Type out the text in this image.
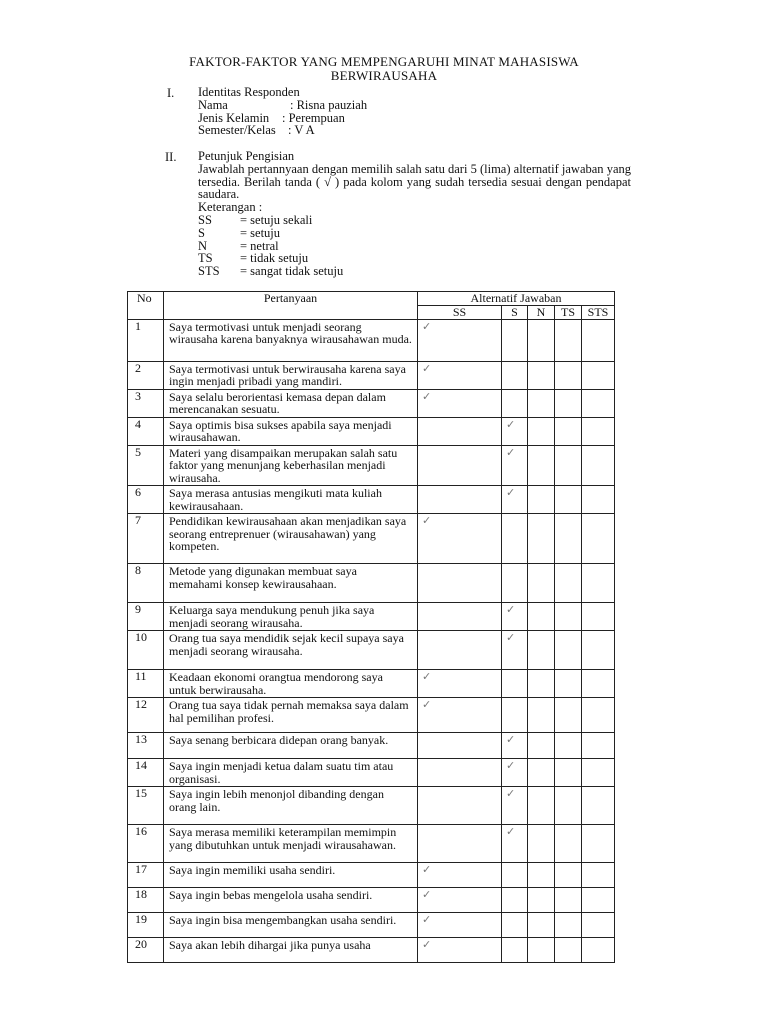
FAKTOR-FAKTOR YANG MEMPENGARUHI MINAT MAHASISWA
BERWIRAUSAHA
I. Identitas Responden
Nama	: Risna pauziah
Jenis Kelamin	: Perempuan
Semester/Kelas : V A
II. Petunjuk Pengisian
Jawablah pertannyaan dengan memilih salah satu dari 5 (lima) alternatif jawaban yang tersedia. Berilah tanda ( √ ) pada kolom yang sudah tersedia sesuai dengan pendapat saudara.
Keterangan :
SS	= setuju sekali
S	= setuju
N	= netral
TS	= tidak setuju
STS	= sangat tidak setuju
No	Pertanyaan	Alternatif Jawaban				
		SS	S	N	TS	STS
1	Saya termotivasi untuk menjadi seorang wirausaha karena banyaknya wirausahawan muda.	✓				
2	Saya termotivasi untuk berwirausaha karena saya ingin menjadi pribadi yang mandiri.	✓				
3	Saya selalu berorientasi kemasa depan dalam merencanakan sesuatu.	✓				
4	Saya optimis bisa sukses apabila saya menjadi wirausahawan.		✓			
5	Materi yang disampaikan merupakan salah satu faktor yang menunjang keberhasilan menjadi wirausaha.		✓			
6	Saya merasa antusias mengikuti mata kuliah kewirausahaan.		✓			
7	Pendidikan kewirausahaan akan menjadikan saya seorang entreprenuer (wirausahawan) yang kompeten.	✓				
8	Metode yang digunakan membuat saya memahami konsep kewirausahaan.					
9	Keluarga saya mendukung penuh jika saya menjadi seorang wirausaha.		✓			
10	Orang tua saya mendidik sejak kecil supaya saya menjadi seorang wirausaha.		✓			
11	Keadaan ekonomi orangtua mendorong saya untuk berwirausaha.	✓				
12	Orang tua saya tidak pernah memaksa saya dalam hal pemilihan profesi.	✓				
13	Saya senang berbicara didepan orang banyak.		✓			
14	Saya ingin menjadi ketua dalam suatu tim atau organisasi.		✓			
15	Saya ingin lebih menonjol dibanding dengan orang lain.		✓			
16	Saya merasa memiliki keterampilan memimpin yang dibutuhkan untuk menjadi wirausahawan.		✓			
17	Saya ingin memiliki usaha sendiri.	✓				
18	Saya ingin bebas mengelola usaha sendiri.	✓				
19	Saya ingin bisa mengembangkan usaha sendiri.	✓				
20	Saya akan lebih dihargai jika punya usaha	✓				
